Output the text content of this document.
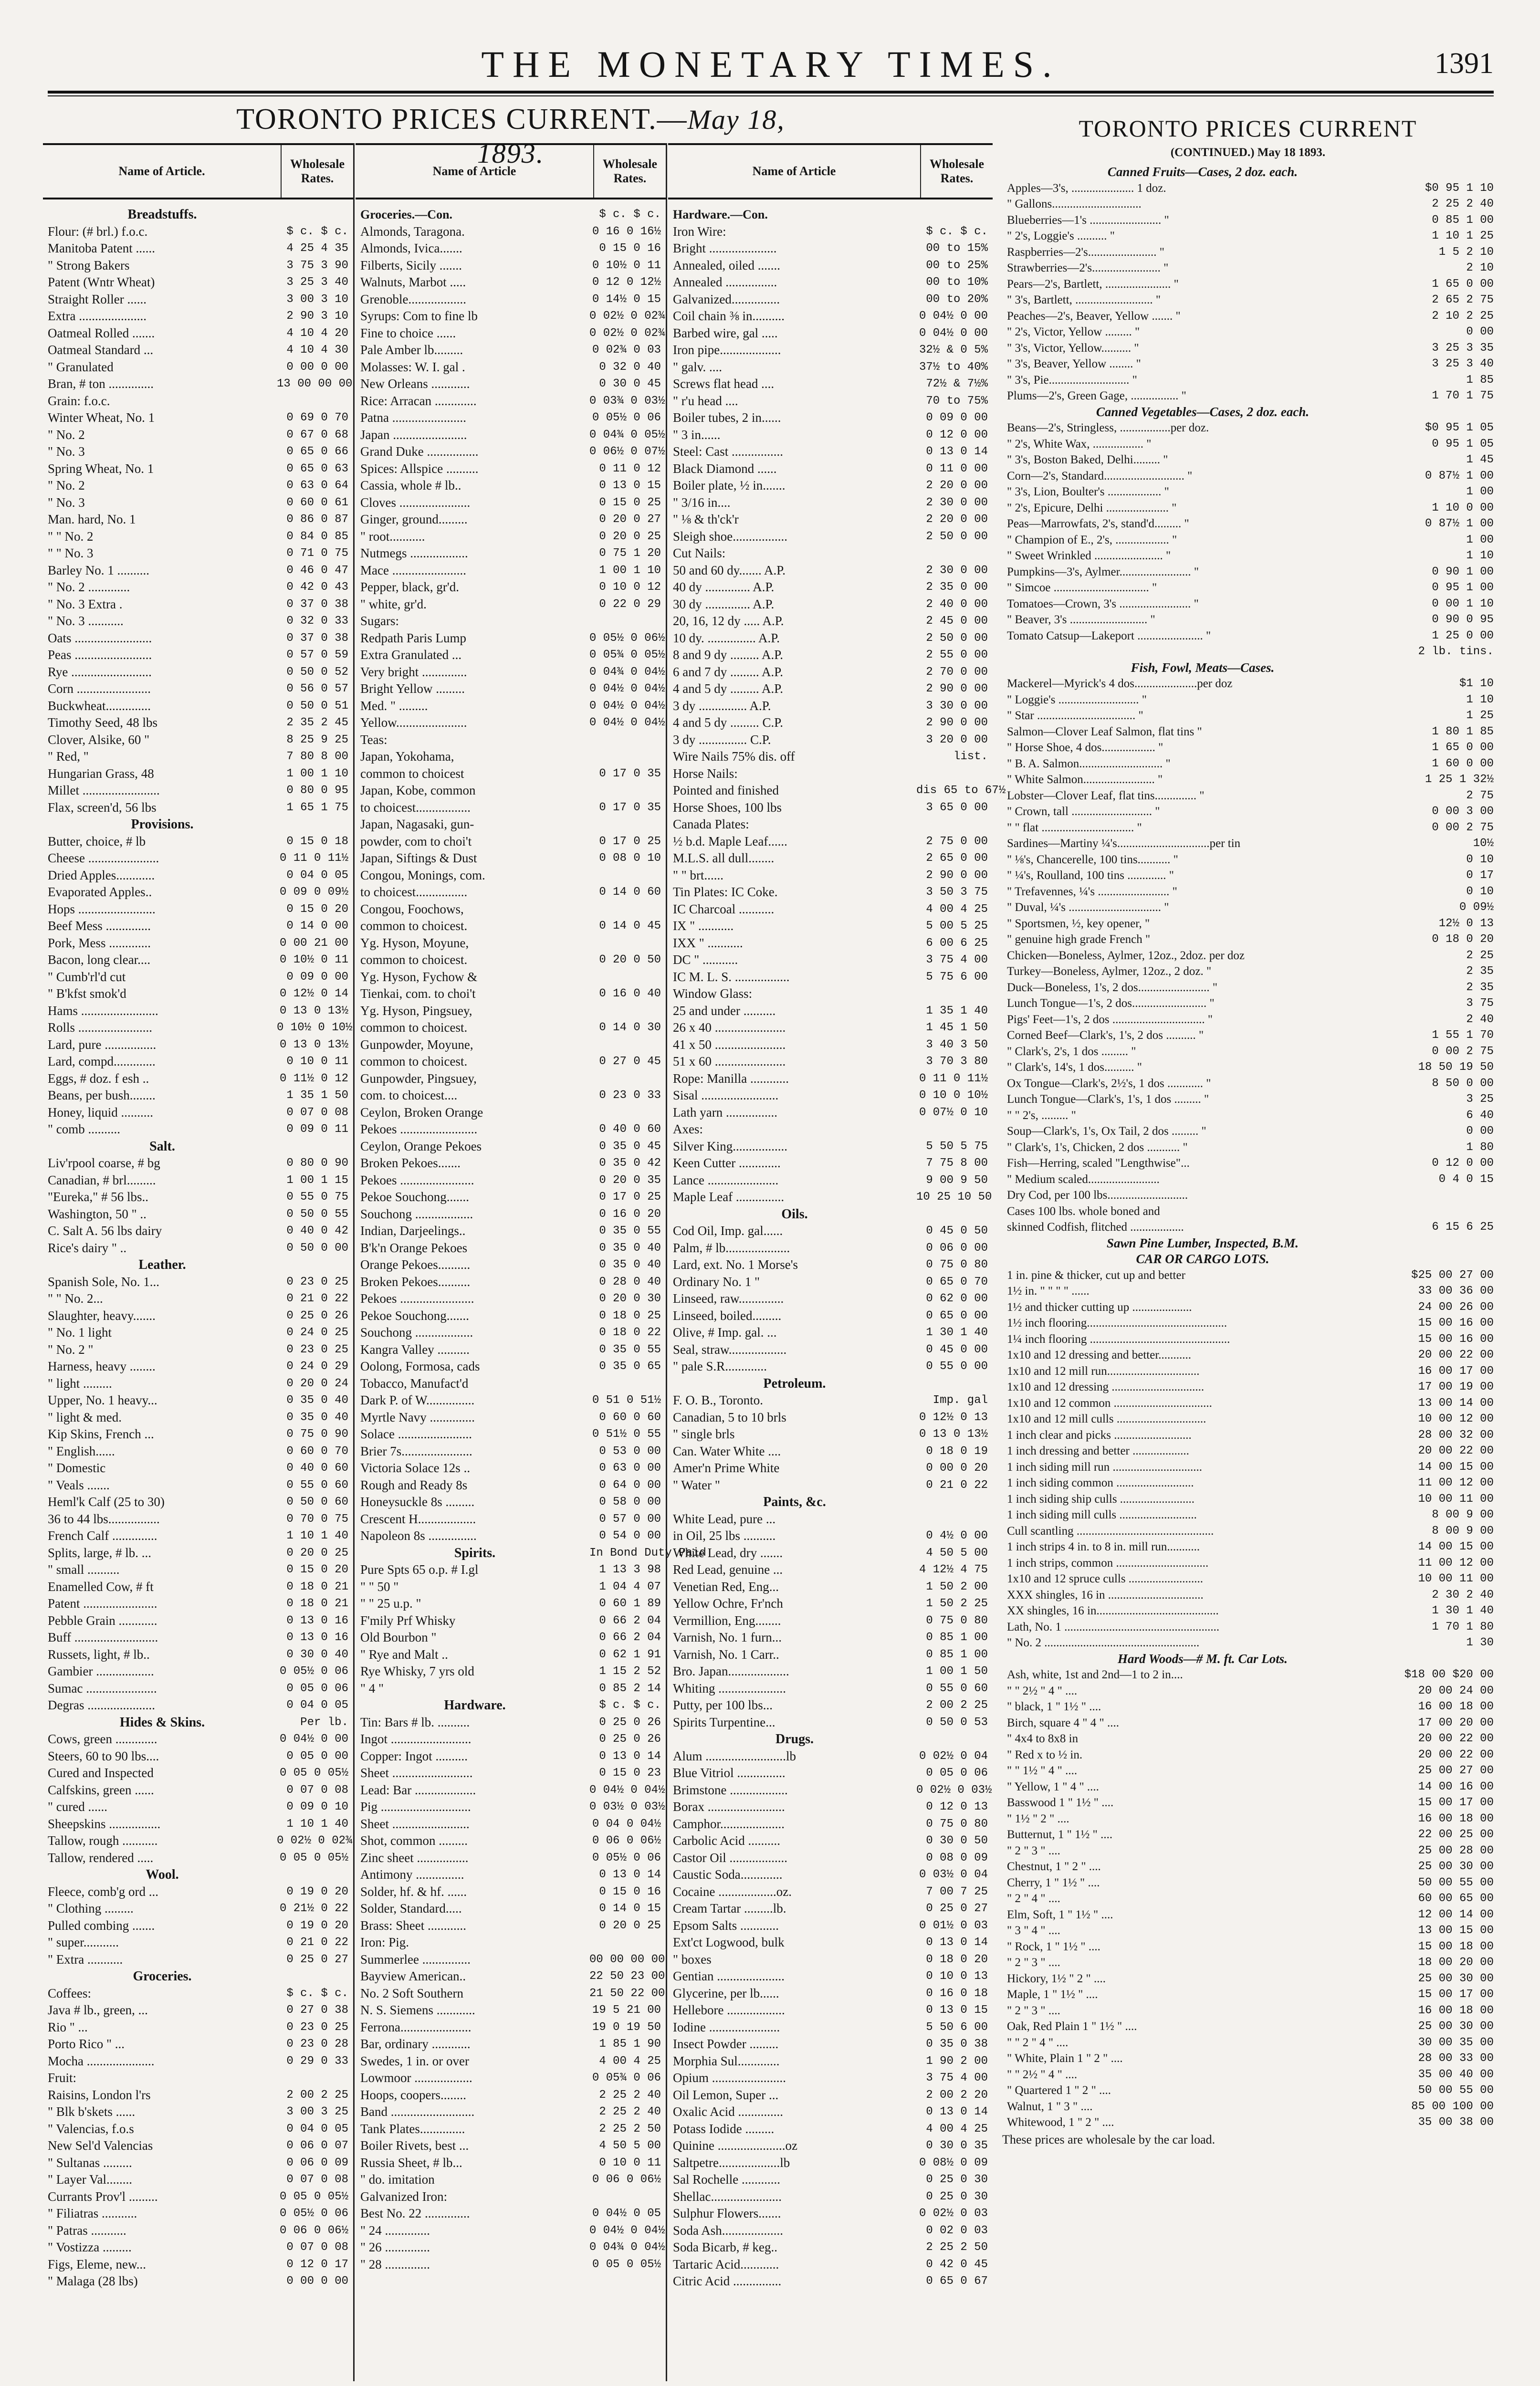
THE MONETARY TIMES.	1391
TORONTO PRICES CURRENT.—May 18, 1893.
Name of Article.
Wholesale Rates.
Breadstuffs.
Flour: (# brl.) f.o.c.	$ c. $ c.
Manitoba Patent ......	4 25 4 35
" Strong Bakers	3 75 3 90
Patent (Wntr Wheat)	3 25 3 40
Straight Roller ......	3 00 3 10
Extra .....................	2 90 3 10
Oatmeal Rolled .......	4 10 4 20
Oatmeal Standard ...	4 10 4 30
" Granulated	0 00 0 00
Bran, # ton ..............	13 00 00 00
Grain: f.o.c.
Winter Wheat, No. 1	0 69 0 70
" No. 2	0 67 0 68
" No. 3	0 65 0 66
Spring Wheat, No. 1	0 65 0 63
" No. 2	0 63 0 64
" No. 3	0 60 0 61
Man. hard, No. 1	0 86 0 87
" " No. 2	0 84 0 85
" " No. 3	0 71 0 75
Barley No. 1 ..........	0 46 0 47
" No. 2 .............	0 42 0 43
" No. 3 Extra .	0 37 0 38
" No. 3 ...........	0 32 0 33
Oats ........................	0 37 0 38
Peas ........................	0 57 0 59
Rye .........................	0 50 0 52
Corn .......................	0 56 0 57
Buckwheat..............	0 50 0 51
Timothy Seed, 48 lbs	2 35 2 45
Clover, Alsike, 60 "	8 25 9 25
" Red, "	7 80 8 00
Hungarian Grass, 48	1 00 1 10
Millet ........................	0 80 0 95
Flax, screen'd, 56 lbs	1 65 1 75
Provisions.
Butter, choice, # lb	0 15 0 18
Cheese ......................	0 11 0 11½
Dried Apples............	0 04 0 05
Evaporated Apples..	0 09 0 09½
Hops ........................	0 15 0 20
Beef Mess ..............	0 14 0 00
Pork, Mess .............	0 00 21 00
Bacon, long clear....	0 10½ 0 11
" Cumb'rl'd cut	0 09 0 00
" B'kfst smok'd	0 12½ 0 14
Hams ........................	0 13 0 13½
Rolls .......................	0 10½ 0 10½
Lard, pure ................	0 13 0 13½
Lard, compd.............	0 10 0 11
Eggs, # doz. f esh ..	0 11½ 0 12
Beans, per bush........	1 35 1 50
Honey, liquid ..........	0 07 0 08
" comb ..........	0 09 0 11
Salt.
Liv'rpool coarse, # bg	0 80 0 90
Canadian, # brl.........	1 00 1 15
"Eureka," # 56 lbs..	0 55 0 75
Washington, 50 " ..	0 50 0 55
C. Salt A. 56 lbs dairy	0 40 0 42
Rice's dairy " ..	0 50 0 00
Leather.
Spanish Sole, No. 1...	0 23 0 25
" " No. 2...	0 21 0 22
Slaughter, heavy.......	0 25 0 26
" No. 1 light	0 24 0 25
" No. 2 "	0 23 0 25
Harness, heavy ........	0 24 0 29
" light .........	0 20 0 24
Upper, No. 1 heavy...	0 35 0 40
" light & med.	0 35 0 40
Kip Skins, French ...	0 75 0 90
" English......	0 60 0 70
" Domestic	0 40 0 60
" Veals .......	0 55 0 60
Heml'k Calf (25 to 30)	0 50 0 60
36 to 44 lbs................	0 70 0 75
French Calf ..............	1 10 1 40
Splits, large, # lb. ...	0 20 0 25
" small ..........	0 15 0 20
Enamelled Cow, # ft	0 18 0 21
Patent .......................	0 18 0 21
Pebble Grain ............	0 13 0 16
Buff ..........................	0 13 0 16
Russets, light, # lb..	0 30 0 40
Gambier ..................	0 05½ 0 06
Sumac ......................	0 05 0 06
Degras .....................	0 04 0 05
Hides & Skins.	Per lb.
Cows, green .............	0 04½ 0 00
Steers, 60 to 90 lbs....	0 05 0 00
Cured and Inspected	0 05 0 05½
Calfskins, green ......	0 07 0 08
" cured ......	0 09 0 10
Sheepskins ................	1 10 1 40
Tallow, rough ...........	0 02½ 0 02¾
Tallow, rendered .....	0 05 0 05½
Wool.
Fleece, comb'g ord ...	0 19 0 20
" Clothing .........	0 21½ 0 22
Pulled combing .......	0 19 0 20
" super...........	0 21 0 22
" Extra ...........	0 25 0 27
Groceries.
Coffees:	$ c. $ c.
Java # lb., green, ...	0 27 0 38
Rio " ...	0 23 0 25
Porto Rico " ...	0 23 0 28
Mocha .....................	0 29 0 33
Fruit:
Raisins, London l'rs	2 00 2 25
" Blk b'skets ......	3 00 3 25
" Valencias, f.o.s	0 04 0 05
New Sel'd Valencias	0 06 0 07
" Sultanas .........	0 06 0 09
" Layer Val........	0 07 0 08
Currants Prov'l .........	0 05 0 05½
" Filiatras ...........	0 05½ 0 06
" Patras ...........	0 06 0 06½
" Vostizza .........	0 07 0 08
Figs, Eleme, new...	0 12 0 17
" Malaga (28 lbs)	0 00 0 00
Name of Article
Wholesale Rates.
Groceries.—Con.	$ c. $ c.
Almonds, Taragona.	0 16 0 16½
Almonds, Ivica.......	0 15 0 16
Filberts, Sicily .......	0 10½ 0 11
Walnuts, Marbot .....	0 12 0 12½
Grenoble..................	0 14½ 0 15
Syrups: Com to fine lb	0 02½ 0 02¾
Fine to choice ......	0 02½ 0 02¾
Pale Amber lb.........	0 02¾ 0 03
Molasses: W. I. gal .	0 32 0 40
New Orleans ............	0 30 0 45
Rice: Arracan .............	0 03¾ 0 03½
Patna .......................	0 05½ 0 06
Japan .......................	0 04¾ 0 05½
Grand Duke ................	0 06½ 0 07½
Spices: Allspice ..........	0 11 0 12
Cassia, whole # lb..	0 13 0 15
Cloves ......................	0 15 0 25
Ginger, ground.........	0 20 0 27
" root...........	0 20 0 25
Nutmegs ..................	0 75 1 20
Mace .......................	1 00 1 10
Pepper, black, gr'd.	0 10 0 12
" white, gr'd.	0 22 0 29
Sugars:
Redpath Paris Lump	0 05½ 0 06½
Extra Granulated ...	0 05¾ 0 05½
Very bright ..............	0 04¾ 0 04½
Bright Yellow .........	0 04½ 0 04½
Med. " .........	0 04½ 0 04½
Yellow......................	0 04½ 0 04½
Teas:
Japan, Yokohama,
common to choicest	0 17 0 35
Japan, Kobe, common
to choicest.................	0 17 0 35
Japan, Nagasaki, gun-
powder, com to choi't	0 17 0 25
Japan, Siftings & Dust	0 08 0 10
Congou, Monings, com.
to choicest................	0 14 0 60
Congou, Foochows,
common to choicest.	0 14 0 45
Yg. Hyson, Moyune,
common to choicest.	0 20 0 50
Yg. Hyson, Fychow &
Tienkai, com. to choi't	0 16 0 40
Yg. Hyson, Pingsuey,
common to choicest.	0 14 0 30
Gunpowder, Moyune,
common to choicest.	0 27 0 45
Gunpowder, Pingsuey,
com. to choicest....	0 23 0 33
Ceylon, Broken Orange
Pekoes ........................	0 40 0 60
Ceylon, Orange Pekoes	0 35 0 45
Broken Pekoes.......	0 35 0 42
Pekoes .......................	0 20 0 35
Pekoe Souchong.......	0 17 0 25
Souchong ..................	0 16 0 20
Indian, Darjeelings..	0 35 0 55
B'k'n Orange Pekoes	0 35 0 40
Orange Pekoes..........	0 35 0 40
Broken Pekoes..........	0 28 0 40
Pekoes .......................	0 20 0 30
Pekoe Souchong.......	0 18 0 25
Souchong ..................	0 18 0 22
Kangra Valley ..........	0 35 0 55
Oolong, Formosa, cads	0 35 0 65
Tobacco, Manufact'd
Dark P. of W...............	0 51 0 51½
Myrtle Navy ..............	0 60 0 60
Solace .......................	0 51½ 0 55
Brier 7s......................	0 53 0 00
Victoria Solace 12s ..	0 63 0 00
Rough and Ready 8s	0 64 0 00
Honeysuckle 8s .........	0 58 0 00
Crescent H..................	0 57 0 00
Napoleon 8s ...............	0 54 0 00
Spirits.	In Bond Duty Paid
Pure Spts 65 o.p. # I.gl	1 13 3 98
" " 50 "	1 04 4 07
" " 25 u.p. "	0 60 1 89
F'mily Prf Whisky	0 66 2 04
Old Bourbon "	0 66 2 04
" Rye and Malt ..	0 62 1 91
Rye Whisky, 7 yrs old	1 15 2 52
" 4 "	0 85 2 14
Hardware.	$ c. $ c.
Tin: Bars # lb. ..........	0 25 0 26
Ingot .........................	0 25 0 26
Copper: Ingot ..........	0 13 0 14
Sheet .........................	0 15 0 23
Lead: Bar ...................	0 04½ 0 04½
Pig ............................	0 03½ 0 03½
Sheet ........................	0 04 0 04½
Shot, common .........	0 06 0 06½
Zinc sheet ................	0 05½ 0 06
Antimony ...............	0 13 0 14
Solder, hf. & hf. ......	0 15 0 16
Solder, Standard.....	0 14 0 15
Brass: Sheet ............	0 20 0 25
Iron: Pig.
Summerlee ...............	00 00 00 00
Bayview American..	22 50 23 00
No. 2 Soft Southern	21 50 22 00
N. S. Siemens ............	19 5 21 00
Ferrona......................	19 0 19 50
Bar, ordinary ............	1 85 1 90
Swedes, 1 in. or over	4 00 4 25
Lowmoor ..................	0 05¾ 0 06
Hoops, coopers........	2 25 2 40
Band ..........................	2 25 2 40
Tank Plates..............	2 25 2 50
Boiler Rivets, best ...	4 50 5 00
Russia Sheet, # lb...	0 10 0 11
" do. imitation	0 06 0 06½
Galvanized Iron:
Best No. 22 ..............	0 04½ 0 05
" 24 ..............	0 04½ 0 04½
" 26 ..............	0 04¾ 0 04½
" 28 ..............	0 05 0 05½
Name of Article
Wholesale Rates.
Hardware.—Con.
Iron Wire:	$ c. $ c.
Bright .....................	00 to 15%
Annealed, oiled .......	00 to 25%
Annealed ................	00 to 10%
Galvanized...............	00 to 20%
Coil chain ⅜ in..........	0 04½ 0 00
Barbed wire, gal .....	0 04½ 0 00
Iron pipe...................	32½ & 0 5%
" galv. ....	37½ to 40%
Screws flat head ....	72½ & 7½%
" r'u head ....	70 to 75%
Boiler tubes, 2 in......	0 09 0 00
" 3 in......	0 12 0 00
Steel: Cast ................	0 13 0 14
Black Diamond ......	0 11 0 00
Boiler plate, ½ in.......	2 20 0 00
" 3/16 in....	2 30 0 00
" ⅛ & th'ck'r	2 20 0 00
Sleigh shoe.................	2 50 0 00
Cut Nails:
50 and 60 dy....... A.P.	2 30 0 00
40 dy .............. A.P.	2 35 0 00
30 dy .............. A.P.	2 40 0 00
20, 16, 12 dy ..... A.P.	2 45 0 00
10 dy. ............... A.P.	2 50 0 00
8 and 9 dy ......... A.P.	2 55 0 00
6 and 7 dy ......... A.P.	2 70 0 00
4 and 5 dy ......... A.P.	2 90 0 00
3 dy ............... A.P.	3 30 0 00
4 and 5 dy ......... C.P.	2 90 0 00
3 dy ............... C.P.	3 20 0 00
Wire Nails 75% dis. off	list.
Horse Nails:
Pointed and finished	dis 65 to 67½
Horse Shoes, 100 lbs	3 65 0 00
Canada Plates:
½ b.d. Maple Leaf......	2 75 0 00
M.L.S. all dull........	2 65 0 00
" " brt......	2 90 0 00
Tin Plates: IC Coke.	3 50 3 75
IC Charcoal ...........	4 00 4 25
IX " ...........	5 00 5 25
IXX " ...........	6 00 6 25
DC " ...........	3 75 4 00
IC M. L. S. .................	5 75 6 00
Window Glass:
25 and under ..........	1 35 1 40
26 x 40 ......................	1 45 1 50
41 x 50 ......................	3 40 3 50
51 x 60 ......................	3 70 3 80
Rope: Manilla ............	0 11 0 11½
Sisal ........................	0 10 0 10½
Lath yarn ................	0 07½ 0 10
Axes:
Silver King.................	5 50 5 75
Keen Cutter .............	7 75 8 00
Lance ......................	9 00 9 50
Maple Leaf ...............	10 25 10 50
Oils.
Cod Oil, Imp. gal......	0 45 0 50
Palm, # lb....................	0 06 0 00
Lard, ext. No. 1 Morse's	0 75 0 80
Ordinary No. 1 "	0 65 0 70
Linseed, raw..............	0 62 0 00
Linseed, boiled.........	0 65 0 00
Olive, # Imp. gal. ...	1 30 1 40
Seal, straw..................	0 45 0 00
" pale S.R.............	0 55 0 00
Petroleum.
F. O. B., Toronto.	Imp. gal
Canadian, 5 to 10 brls	0 12½ 0 13
" single brls	0 13 0 13½
Can. Water White ....	0 18 0 19
Amer'n Prime White	0 00 0 20
" Water "	0 21 0 22
Paints, &c.
White Lead, pure ...
in Oil, 25 lbs ..........	0 4½ 0 00
White Lead, dry .......	4 50 5 00
Red Lead, genuine ...	4 12½ 4 75
Venetian Red, Eng...	1 50 2 00
Yellow Ochre, Fr'nch	1 50 2 25
Vermillion, Eng........	0 75 0 80
Varnish, No. 1 furn...	0 85 1 00
Varnish, No. 1 Carr..	0 85 1 00
Bro. Japan...................	1 00 1 50
Whiting .....................	0 55 0 60
Putty, per 100 lbs...	2 00 2 25
Spirits Turpentine...	0 50 0 53
Drugs.
Alum .........................lb	0 02½ 0 04
Blue Vitriol ...............	0 05 0 06
Brimstone ..................	0 02½ 0 03½
Borax ........................	0 12 0 13
Camphor....................	0 75 0 80
Carbolic Acid ..........	0 30 0 50
Castor Oil ..................	0 08 0 09
Caustic Soda.............	0 03½ 0 04
Cocaine ..................oz.	7 00 7 25
Cream Tartar .........lb.	0 25 0 27
Epsom Salts ............	0 01½ 0 03
Ext'ct Logwood, bulk	0 13 0 14
" boxes	0 18 0 20
Gentian .....................	0 10 0 13
Glycerine, per lb......	0 16 0 18
Hellebore ..................	0 13 0 15
Iodine ......................	5 50 6 00
Insect Powder .........	0 35 0 38
Morphia Sul.............	1 90 2 00
Opium .......................	3 75 4 00
Oil Lemon, Super ...	2 00 2 20
Oxalic Acid ..............	0 13 0 14
Potass Iodide .........	4 00 4 25
Quinine .....................oz	0 30 0 35
Saltpetre...................lb	0 08½ 0 09
Sal Rochelle ............	0 25 0 30
Shellac......................	0 25 0 30
Sulphur Flowers.......	0 02½ 0 03
Soda Ash...................	0 02 0 03
Soda Bicarb, # keg..	2 25 2 50
Tartaric Acid............	0 42 0 45
Citric Acid ...............	0 65 0 67
TORONTO PRICES CURRENT
(CONTINUED.) May 18 1893.
Canned Fruits—Cases, 2 doz. each.
Apples—3's, ..................... 1 doz.	$0 95 1 10
" Gallons..............................	2 25 2 40
Blueberries—1's ........................ "	0 85 1 00
" 2's, Loggie's .......... "	1 10 1 25
Raspberries—2's....................... "	1 5 2 10
Strawberries—2's....................... "	2 10
Pears—2's, Bartlett, ...................... "	1 65 0 00
" 3's, Bartlett, .......................... "	2 65 2 75
Peaches—2's, Beaver, Yellow ....... "	2 10 2 25
" 2's, Victor, Yellow ......... "	0 00
" 3's, Victor, Yellow.......... "	3 25 3 35
" 3's, Beaver, Yellow ........ "	3 25 3 40
" 3's, Pie........................... "	1 85
Plums—2's, Green Gage, ................ "	1 70 1 75
Canned Vegetables—Cases, 2 doz. each.
Beans—2's, Stringless, .................per doz.	$0 95 1 05
" 2's, White Wax, ................. "	0 95 1 05
" 3's, Boston Baked, Delhi......... "	1 45
Corn—2's, Standard........................... "	0 87½ 1 00
" 3's, Lion, Boulter's .................. "	1 00
" 2's, Epicure, Delhi ..................... "	1 10 0 00
Peas—Marrowfats, 2's, stand'd......... "	0 87½ 1 00
" Champion of E., 2's, .................. "	1 00
" Sweet Wrinkled ....................... "	1 10
Pumpkins—3's, Aylmer........................ "	0 90 1 00
" Simcoe ................................ "	0 95 1 00
Tomatoes—Crown, 3's ........................ "	0 00 1 10
" Beaver, 3's .......................... "	0 90 0 95
Tomato Catsup—Lakeport ...................... "	1 25 0 00
2 lb. tins.
Fish, Fowl, Meats—Cases.
Mackerel—Myrick's 4 dos.....................per doz	$1 10
" Loggie's ........................... "	1 10
" Star ................................. "	1 25
Salmon—Clover Leaf Salmon, flat tins "	1 80 1 85
" Horse Shoe, 4 dos.................. "	1 65 0 00
" B. A. Salmon............................ "	1 60 0 00
" White Salmon........................ "	1 25 1 32½
Lobster—Clover Leaf, flat tins.............. "	2 75
" Crown, tall ........................... "	0 00 3 00
" " flat ............................... "	0 00 2 75
Sardines—Martiny ¼'s...............................per tin	10½
" ⅛'s, Chancerelle, 100 tins........... "	0 10
" ¼'s, Roulland, 100 tins ............. "	0 17
" Trefavennes, ¼'s ........................ "	0 10
" Duval, ¼'s ............................... "	0 09½
" Sportsmen, ½, key opener, "	12½ 0 13
" genuine high grade French "	0 18 0 20
Chicken—Boneless, Aylmer, 12oz., 2doz. per doz	2 25
Turkey—Boneless, Aylmer, 12oz., 2 doz. "	2 35
Duck—Boneless, 1's, 2 dos........................ "	2 35
Lunch Tongue—1's, 2 dos......................... "	3 75
Pigs' Feet—1's, 2 dos ............................... "	2 40
Corned Beef—Clark's, 1's, 2 dos .......... "	1 55 1 70
" Clark's, 2's, 1 dos ......... "	0 00 2 75
" Clark's, 14's, 1 dos.......... "	18 50 19 50
Ox Tongue—Clark's, 2½'s, 1 dos ............ "	8 50 0 00
Lunch Tongue—Clark's, 1's, 1 dos ......... "	3 25
" " 2's, ......... "	6 40
Soup—Clark's, 1's, Ox Tail, 2 dos ......... "	0 00
" Clark's, 1's, Chicken, 2 dos ........... "	1 80
Fish—Herring, scaled "Lengthwise"...	0 12 0 00
" Medium scaled........................	0 4 0 15
Dry Cod, per 100 lbs...........................
Cases 100 lbs. whole boned and
skinned Codfish, flitched ..................	6 15 6 25
Sawn Pine Lumber, Inspected, B.M.
CAR OR CARGO LOTS.
1 in. pine & thicker, cut up and better	$25 00 27 00
1½ in. " " " " ......	33 00 36 00
1½ and thicker cutting up ....................	24 00 26 00
1½ inch flooring...............................................	15 00 16 00
1¼ inch flooring ...............................................	15 00 16 00
1x10 and 12 dressing and better...........	20 00 22 00
1x10 and 12 mill run...............................	16 00 17 00
1x10 and 12 dressing ...............................	17 00 19 00
1x10 and 12 common .................................	13 00 14 00
1x10 and 12 mill culls ..............................	10 00 12 00
1 inch clear and picks ..........................	28 00 32 00
1 inch dressing and better ...................	20 00 22 00
1 inch siding mill run ..............................	14 00 15 00
1 inch siding common ..........................	11 00 12 00
1 inch siding ship culls .........................	10 00 11 00
1 inch siding mill culls ..........................	8 00 9 00
Cull scantling ..............................................	8 00 9 00
1 inch strips 4 in. to 8 in. mill run...........	14 00 15 00
1 inch strips, common ...............................	11 00 12 00
1x10 and 12 spruce culls .........................	10 00 11 00
XXX shingles, 16 in ................................	2 30 2 40
XX shingles, 16 in.........................................	1 30 1 40
Lath, No. 1 ....................................................	1 70 1 80
" No. 2 ....................................................	1 30
Hard Woods—# M. ft. Car Lots.
Ash, white, 1st and 2nd—1 to 2 in....	$18 00 $20 00
" " 2½ " 4 " ....	20 00 24 00
" black, 1 " 1½ " ....	16 00 18 00
Birch, square 4 " 4 " ....	17 00 20 00
" 4x4 to 8x8 in	20 00 22 00
" Red x to ½ in.	20 00 22 00
" " 1½ " 4 " ....	25 00 27 00
" Yellow, 1 " 4 " ....	14 00 16 00
Basswood 1 " 1½ " ....	15 00 17 00
" 1½ " 2 " ....	16 00 18 00
Butternut, 1 " 1½ " ....	22 00 25 00
" 2 " 3 " ....	25 00 28 00
Chestnut, 1 " 2 " ....	25 00 30 00
Cherry, 1 " 1½ " ....	50 00 55 00
" 2 " 4 " ....	60 00 65 00
Elm, Soft, 1 " 1½ " ....	12 00 14 00
" 3 " 4 " ....	13 00 15 00
" Rock, 1 " 1½ " ....	15 00 18 00
" 2 " 3 " ....	18 00 20 00
Hickory, 1½ " 2 " ....	25 00 30 00
Maple, 1 " 1½ " ....	15 00 17 00
" 2 " 3 " ....	16 00 18 00
Oak, Red Plain 1 " 1½ " ....	25 00 30 00
" " 2 " 4 " ....	30 00 35 00
" White, Plain 1 " 2 " ....	28 00 33 00
" " 2½ " 4 " ....	35 00 40 00
" Quartered 1 " 2 " ....	50 00 55 00
Walnut, 1 " 3 " ....	85 00 100 00
Whitewood, 1 " 2 " ....	35 00 38 00
These prices are wholesale by the car load.
